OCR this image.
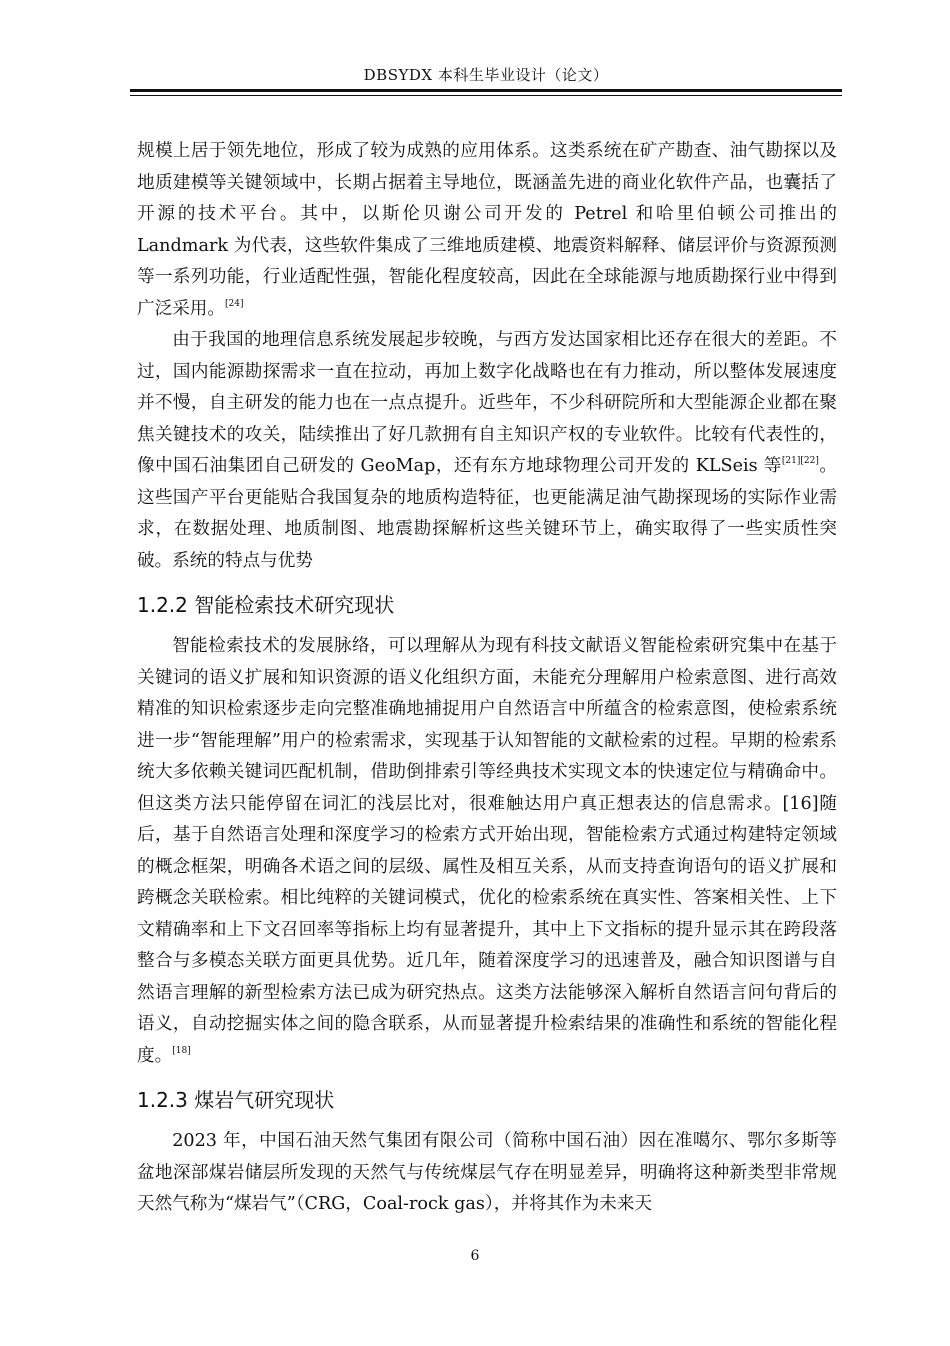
DBSYDX 本科生毕业设计（论文）

规模上居于领先地位，形成了较为成熟的应用体系。这类系统在矿产勘查、油气勘探以及地质建模等关键领域中，长期占据着主导地位，既涵盖先进的商业化软件产品，也囊括了开源的技术平台。其中，以斯伦贝谢公司开发的 Petrel 和哈里伯顿公司推出的 Landmark 为代表，这些软件集成了三维地质建模、地震资料解释、储层评价与资源预测等一系列功能，行业适配性强，智能化程度较高，因此在全球能源与地质勘探行业中得到广泛采用。[24]

由于我国的地理信息系统发展起步较晚，与西方发达国家相比还存在很大的差距。不过，国内能源勘探需求一直在拉动，再加上数字化战略也在有力推动，所以整体发展速度并不慢，自主研发的能力也在一点点提升。近些年，不少科研院所和大型能源企业都在聚焦关键技术的攻关，陆续推出了好几款拥有自主知识产权的专业软件。比较有代表性的，像中国石油集团自己研发的 GeoMap，还有东方地球物理公司开发的 KLSeis 等[21][22]。这些国产平台更能贴合我国复杂的地质构造特征，也更能满足油气勘探现场的实际作业需求，在数据处理、地质制图、地震勘探解析这些关键环节上，确实取得了一些实质性突破。系统的特点与优势

1.2.2 智能检索技术研究现状

智能检索技术的发展脉络，可以理解从为现有科技文献语义智能检索研究集中在基于关键词的语义扩展和知识资源的语义化组织方面，未能充分理解用户检索意图、进行高效精准的知识检索逐步走向完整准确地捕捉用户自然语言中所蕴含的检索意图，使检索系统进一步“智能理解”用户的检索需求，实现基于认知智能的文献检索的过程。早期的检索系统大多依赖关键词匹配机制，借助倒排索引等经典技术实现文本的快速定位与精确命中。但这类方法只能停留在词汇的浅层比对，很难触达用户真正想表达的信息需求。[16]随后，基于自然语言处理和深度学习的检索方式开始出现，智能检索方式通过构建特定领域的概念框架，明确各术语之间的层级、属性及相互关系，从而支持查询语句的语义扩展和跨概念关联检索。相比纯粹的关键词模式，优化的检索系统在真实性、答案相关性、上下文精确率和上下文召回率等指标上均有显著提升，其中上下文指标的提升显示其在跨段落整合与多模态关联方面更具优势。近几年，随着深度学习的迅速普及，融合知识图谱与自然语言理解的新型检索方法已成为研究热点。这类方法能够深入解析自然语言问句背后的语义，自动挖掘实体之间的隐含联系，从而显著提升检索结果的准确性和系统的智能化程度。[18]

1.2.3 煤岩气研究现状

2023 年，中国石油天然气集团有限公司（简称中国石油）因在准噶尔、鄂尔多斯等盆地深部煤岩储层所发现的天然气与传统煤层气存在明显差异，明确将这种新类型非常规天然气称为“煤岩气”（CRG，Coal-rock gas），并将其作为未来天

6
